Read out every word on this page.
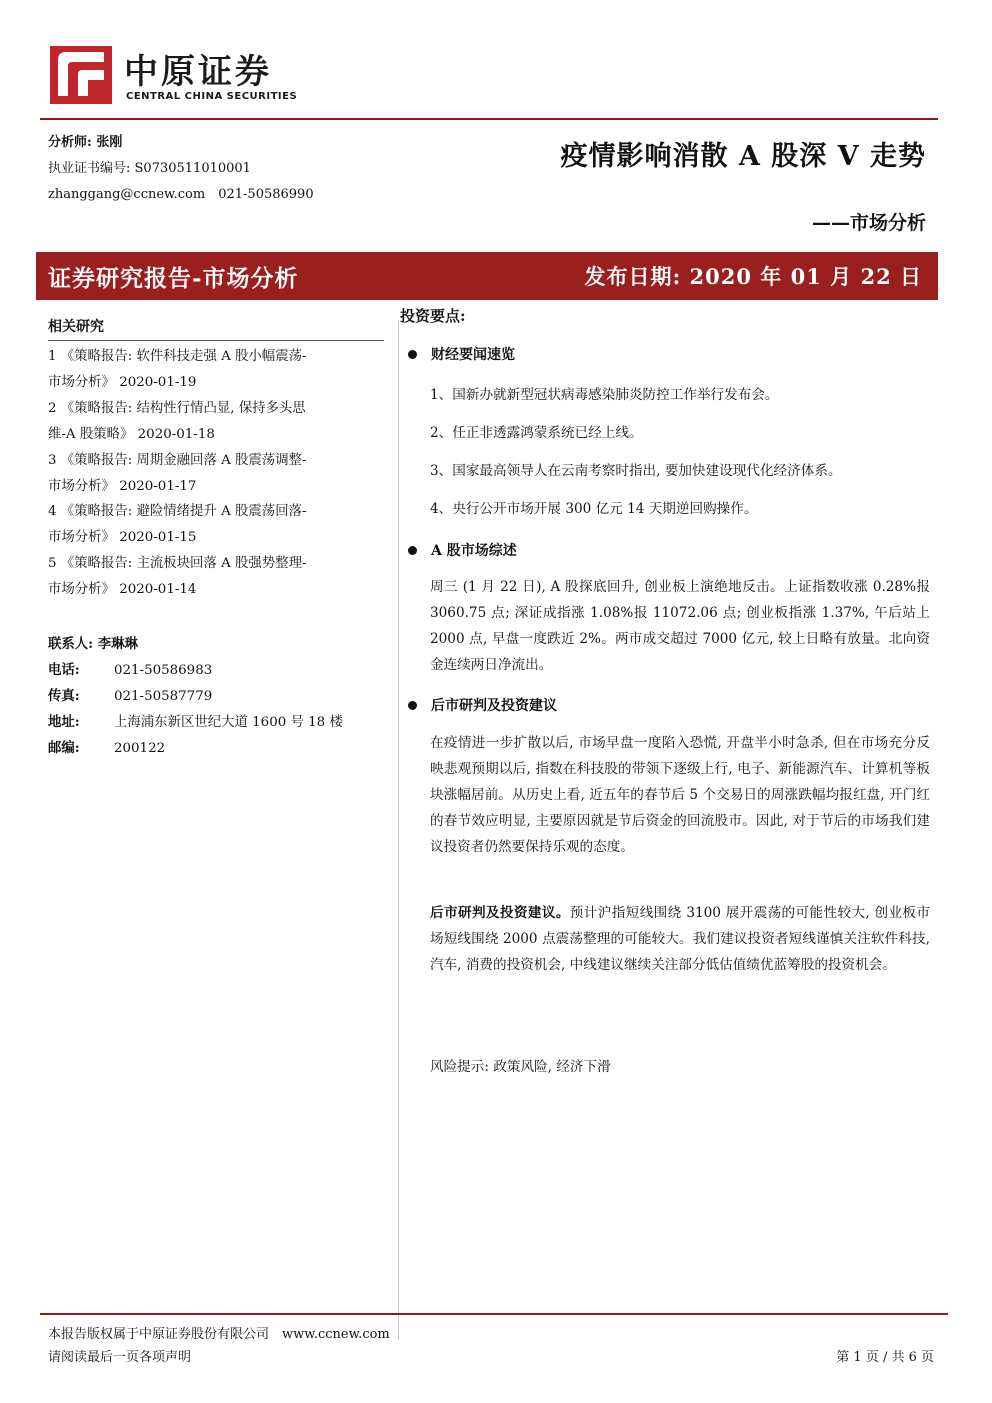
中原证券
CENTRAL CHINA SECURITIES
分析师: 张刚
执业证书编号: S0730511010001
zhanggang@ccnew.com　021-50586990
疫情影响消散 A 股深 V 走势
——市场分析
证券研究报告-市场分析	发布日期: 2020 年 01 月 22 日
相关研究

1 《策略报告: 软件科技走强 A 股小幅震荡-

市场分析》 2020-01-19

2 《策略报告: 结构性行情凸显, 保持多头思

维-A 股策略》 2020-01-18

3 《策略报告: 周期金融回落 A 股震荡调整-

市场分析》 2020-01-17

4 《策略报告: 避险情绪提升 A 股震荡回落-

市场分析》 2020-01-15

5 《策略报告: 主流板块回落 A 股强势整理-

市场分析》 2020-01-14

联系人: 李琳琳
电话:	021-50586983
传真:	021-50587779
地址:	上海浦东新区世纪大道 1600 号 18 楼
邮编:	200122
投资要点:
财经要闻速览

1、国新办就新型冠状病毒感染肺炎防控工作举行发布会。

2、任正非透露鸿蒙系统已经上线。

3、国家最高领导人在云南考察时指出, 要加快建设现代化经济体系。

4、央行公开市场开展 300 亿元 14 天期逆回购操作。

A 股市场综述
周三 (1 月 22 日), A 股探底回升, 创业板上演绝地反击。上证指数收涨 0.28%报 3060.75 点; 深证成指涨 1.08%报 11072.06 点; 创业板指涨 1.37%, 午后站上 2000 点, 早盘一度跌近 2%。两市成交超过 7000 亿元, 较上日略有放量。北向资金连续两日净流出。
后市研判及投资建议
在疫情进一步扩散以后, 市场早盘一度陷入恐慌, 开盘半小时急杀, 但在市场充分反映悲观预期以后, 指数在科技股的带领下逐级上行, 电子、新能源汽车、计算机等板块涨幅居前。从历史上看, 近五年的春节后 5 个交易日的周涨跌幅均报红盘, 开门红的春节效应明显, 主要原因就是节后资金的回流股市。因此, 对于节后的市场我们建议投资者仍然要保持乐观的态度。
后市研判及投资建议。预计沪指短线围绕 3100 展开震荡的可能性较大, 创业板市场短线围绕 2000 点震荡整理的可能较大。我们建议投资者短线谨慎关注软件科技, 汽车, 消费的投资机会, 中线建议继续关注部分低估值绩优蓝筹股的投资机会。
风险提示: 政策风险, 经济下滑
本报告版权属于中原证券股份有限公司　www.ccnew.com
请阅读最后一页各项声明	第 1 页 / 共 6 页
